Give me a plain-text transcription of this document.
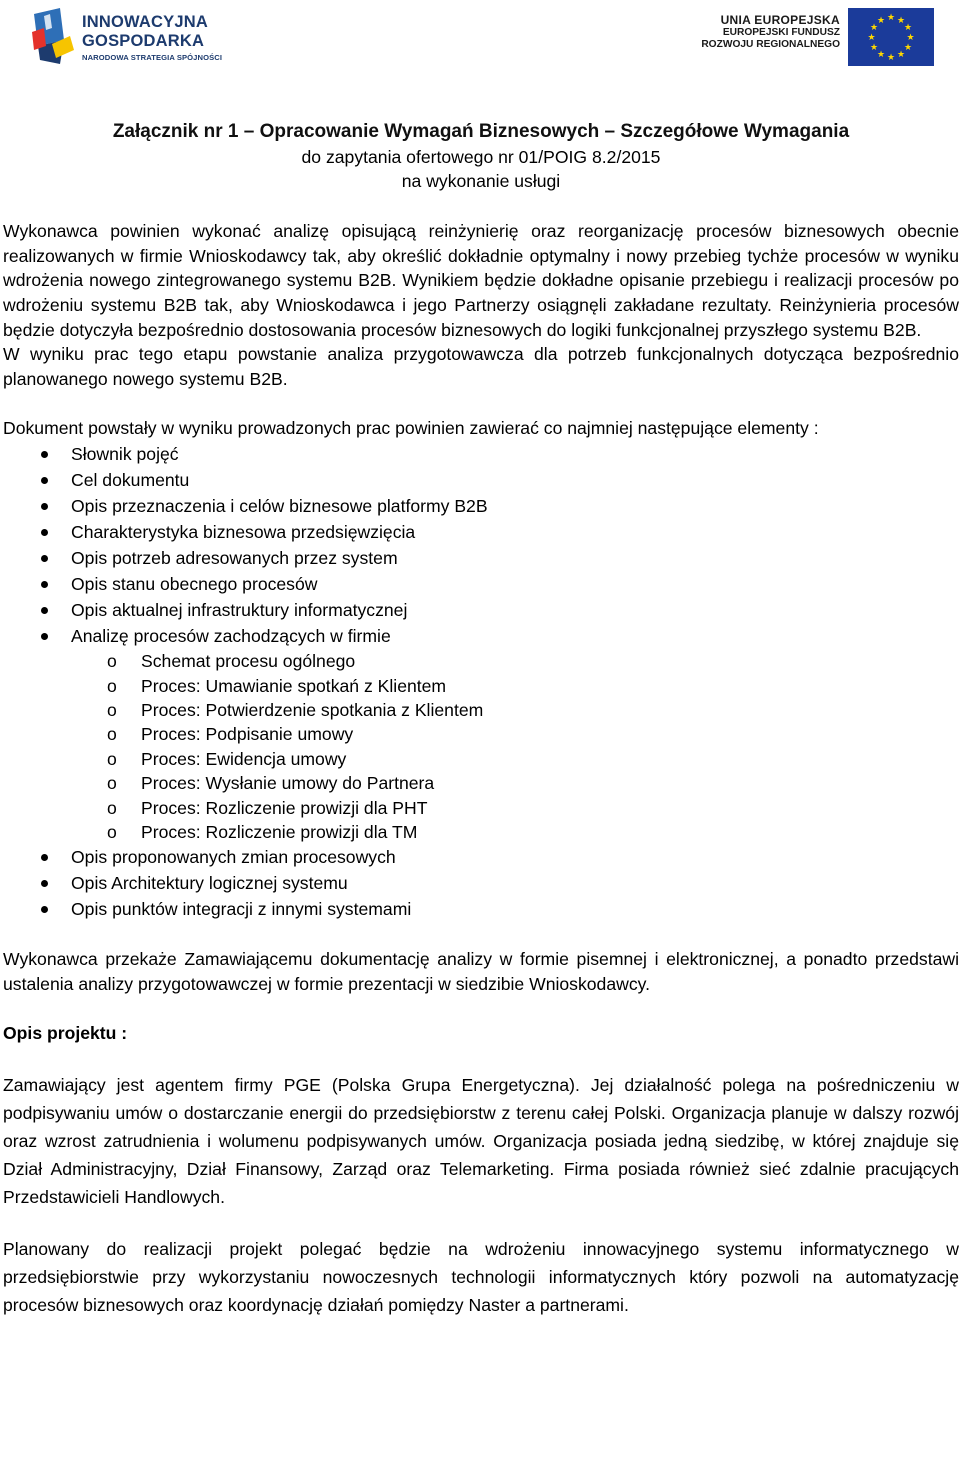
INNOWACYJNA
GOSPODARKA
NARODOWA STRATEGIA SPÓJNOŚCI
UNIA EUROPEJSKA
EUROPEJSKI FUNDUSZ
ROZWOJU REGIONALNEGO
★ ★
★
★
★
★
★
★
★
★
★
★
Załącznik nr 1 – Opracowanie Wymagań Biznesowych – Szczegółowe Wymagania
do zapytania ofertowego nr 01/POIG 8.2/2015
na wykonanie usługi

Wykonawca powinien wykonać analizę opisującą reinżynierię oraz reorganizację procesów biznesowych obecnie realizowanych w firmie Wnioskodawcy tak, aby określić dokładnie optymalny i nowy przebieg tychże procesów w wyniku wdrożenia nowego zintegrowanego systemu B2B. Wynikiem będzie dokładne opisanie przebiegu i realizacji procesów po wdrożeniu systemu B2B tak, aby Wnioskodawca i jego Partnerzy osiągnęli zakładane rezultaty. Reinżynieria procesów będzie dotyczyła bezpośrednio dostosowania procesów biznesowych do logiki funkcjonalnej przyszłego systemu B2B.

W wyniku prac tego etapu powstanie analiza przygotowawcza dla potrzeb funkcjonalnych dotycząca bezpośrednio planowanego nowego systemu B2B.

Dokument powstały w wyniku prowadzonych prac powinien zawierać co najmniej następujące elementy :

Słownik pojęć
Cel dokumentu
Opis przeznaczenia i celów biznesowe platformy B2B
Charakterystyka biznesowa przedsięwzięcia
Opis potrzeb adresowanych przez system
Opis stanu obecnego procesów
Opis aktualnej infrastruktury informatycznej
Analizę procesów zachodzących w firmie
o Schemat procesu ogólnego
o Proces: Umawianie spotkań z Klientem
o Proces: Potwierdzenie spotkania z Klientem
o Proces: Podpisanie umowy
o Proces: Ewidencja umowy
o Proces: Wysłanie umowy do Partnera
o Proces: Rozliczenie prowizji dla PHT
o Proces: Rozliczenie prowizji dla TM
Opis proponowanych zmian procesowych
Opis Architektury logicznej systemu
Opis punktów integracji z innymi systemami

Wykonawca przekaże Zamawiającemu dokumentację analizy w formie pisemnej i elektronicznej, a ponadto przedstawi ustalenia analizy przygotowawczej w formie prezentacji w siedzibie Wnioskodawcy.

Opis projektu :

Zamawiający jest agentem firmy PGE (Polska Grupa Energetyczna). Jej działalność polega na pośredniczeniu w podpisywaniu umów o dostarczanie energii do przedsiębiorstw z terenu całej Polski. Organizacja planuje w dalszy rozwój oraz wzrost zatrudnienia i wolumenu podpisywanych umów. Organizacja posiada jedną siedzibę, w której znajduje się Dział Administracyjny, Dział Finansowy, Zarząd oraz Telemarketing. Firma posiada również sieć zdalnie pracujących Przedstawicieli Handlowych.

Planowany do realizacji projekt polegać będzie na wdrożeniu innowacyjnego systemu informatycznego w przedsiębiorstwie przy wykorzystaniu nowoczesnych technologii informatycznych który pozwoli na automatyzację procesów biznesowych oraz koordynację działań pomiędzy Naster a partnerami.
